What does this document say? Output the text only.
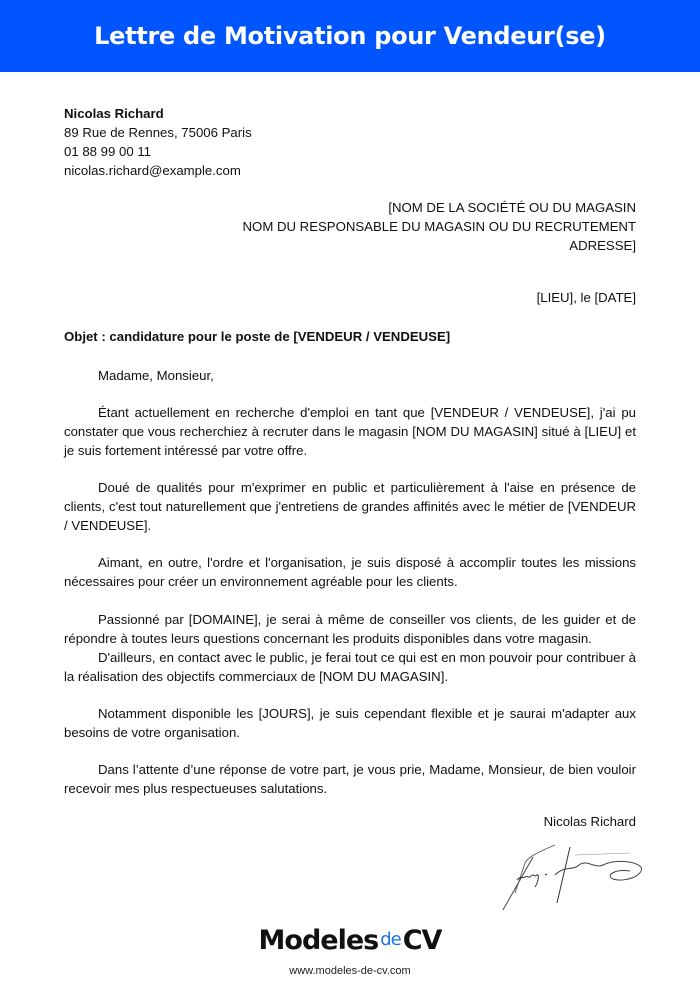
Lettre de Motivation pour Vendeur(se)
Nicolas Richard
89 Rue de Rennes, 75006 Paris
01 88 99 00 11
nicolas.richard@example.com
[NOM DE LA SOCIÉTÉ OU DU MAGASIN
NOM DU RESPONSABLE DU MAGASIN OU DU RECRUTEMENT
ADRESSE]
[LIEU], le [DATE]
Objet : candidature pour le poste de [VENDEUR / VENDEUSE]

Madame, Monsieur,

Étant actuellement en recherche d'emploi en tant que [VENDEUR / VENDEUSE], j'ai pu constater que vous recherchiez à recruter dans le magasin [NOM DU MAGASIN] situé à [LIEU] et je suis fortement intéressé par votre offre.

Doué de qualités pour m'exprimer en public et particulièrement à l'aise en présence de clients, c'est tout naturellement que j'entretiens de grandes affinités avec le métier de [VENDEUR / VENDEUSE].

Aimant, en outre, l'ordre et l'organisation, je suis disposé à accomplir toutes les missions nécessaires pour créer un environnement agréable pour les clients.

Passionné par [DOMAINE], je serai à même de conseiller vos clients, de les guider et de répondre à toutes leurs questions concernant les produits disponibles dans votre magasin.

D'ailleurs, en contact avec le public, je ferai tout ce qui est en mon pouvoir pour contribuer à la réalisation des objectifs commerciaux de [NOM DU MAGASIN].

Notamment disponible les [JOURS], je suis cependant flexible et je saurai m'adapter aux besoins de votre organisation.

Dans l’attente d’une réponse de votre part, je vous prie, Madame, Monsieur, de bien vouloir recevoir mes plus respectueuses salutations.

Nicolas Richard
Modeles deCV
www.modeles-de-cv.com
